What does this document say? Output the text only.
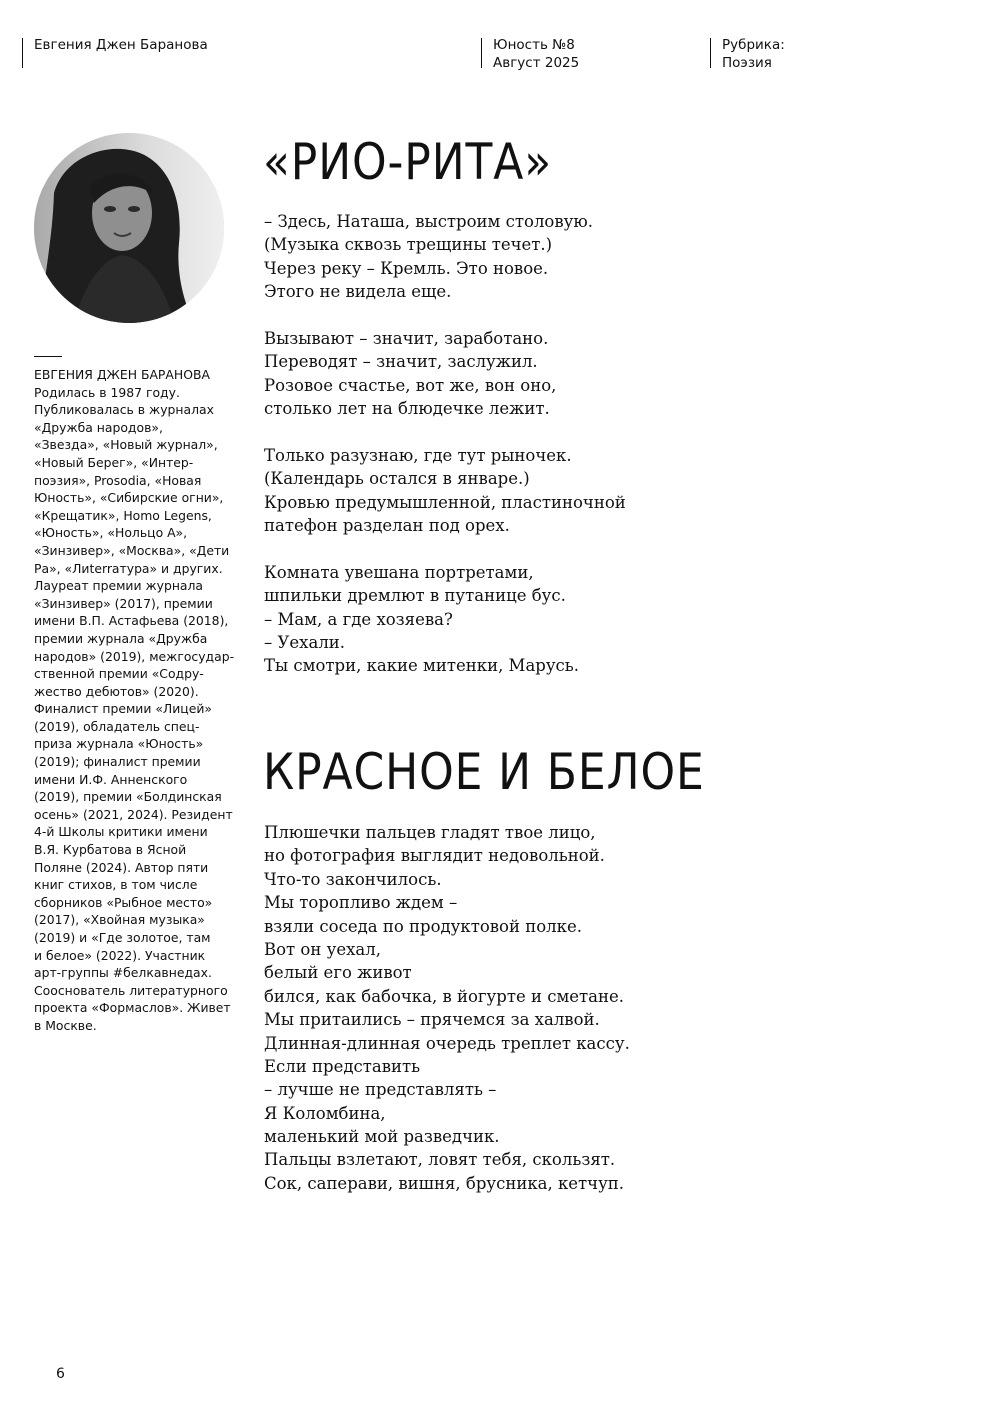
Евгения Джен Баранова	Юность №8
Август 2025
Рубрика:
Поэзия
ЕВГЕНИЯ ДЖЕН БАРАНОВА
Родилась в 1987 году.
Публиковалась в журналах
«Дружба народов»,
«Звезда», «Новый журнал»,
«Новый Берег», «Интер-
поэзия», Prosodia, «Новая
Юность», «Сибирские огни»,
«Крещатик», Homo Legens,
«Юность», «Нольцо А»,
«Зинзивер», «Москва», «Дети
Ра», «Лиterraтура» и других.
Лауреат премии журнала
«Зинзивер» (2017), премии
имени В.П. Астафьева (2018),
премии журнала «Дружба
народов» (2019), межгосудар-
ственной премии «Содру-
жество дебютов» (2020).
Финалист премии «Лицей»
(2019), обладатель спец-
приза журнала «Юность»
(2019); финалист премии
имени И.Ф. Анненского
(2019), премии «Болдинская
осень» (2021, 2024). Резидент
4-й Школы критики имени
В.Я. Курбатова в Ясной
Поляне (2024). Автор пяти
книг стихов, в том числе
сборников «Рыбное место»
(2017), «Хвойная музыка»
(2019) и «Где золотое, там
и белое» (2022). Участник
арт-группы #белкавнедах.
Сооснователь литературного
проекта «Формаслов». Живет
в Москве.
«РИО-РИТА»
– Здесь, Наташа, выстроим столовую.
(Музыка сквозь трещины течет.)
Через реку – Кремль. Это новое.
Этого не видела еще.
Вызывают – значит, заработано.
Переводят – значит, заслужил.
Розовое счастье, вот же, вон оно,
столько лет на блюдечке лежит.
Только разузнаю, где тут рыночек.
(Календарь остался в январе.)
Кровью предумышленной, пластиночной
патефон разделан под орех.
Комната увешана портретами,
шпильки дремлют в путанице бус.
– Мам, а где хозяева?
– Уехали.
Ты смотри, какие митенки, Марусь.
КРАСНОЕ И БЕЛОЕ
Плюшечки пальцев гладят твое лицо,
но фотография выглядит недовольной.
Что-то закончилось.
Мы торопливо ждем –
взяли соседа по продуктовой полке.
Вот он уехал,
белый его живот
бился, как бабочка, в йогурте и сметане.
Мы притаились – прячемся за халвой.
Длинная-длинная очередь треплет кассу.
Если представить
– лучше не представлять –
Я Коломбина,
маленький мой разведчик.
Пальцы взлетают, ловят тебя, скользят.
Сок, саперави, вишня, брусника, кетчуп.
6
